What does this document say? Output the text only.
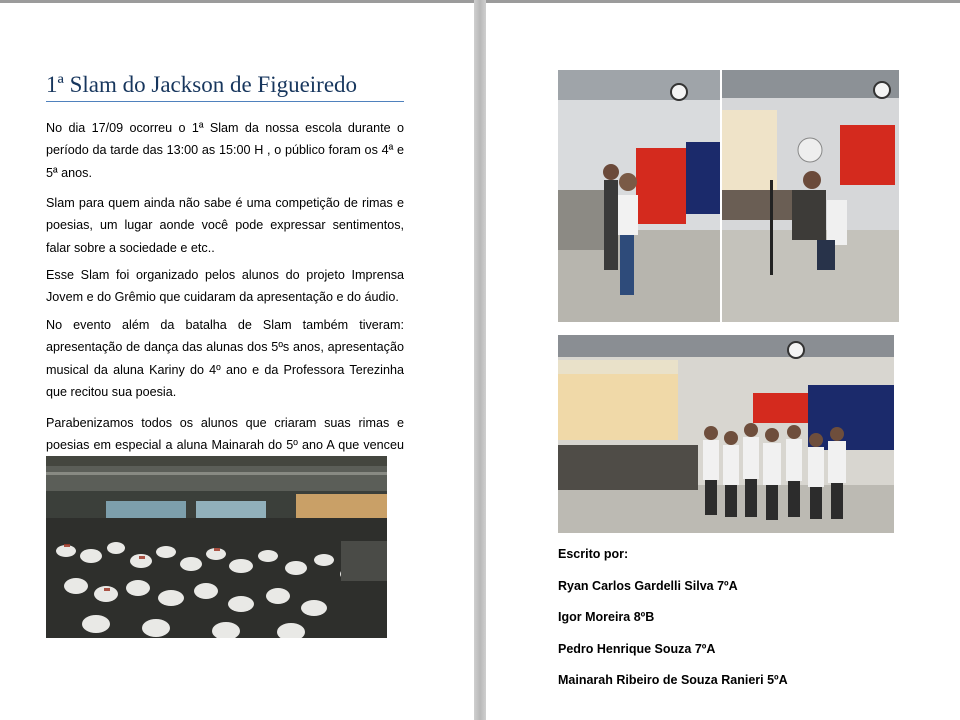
1ª Slam do Jackson de Figueiredo

No dia 17/09 ocorreu o 1ª Slam da nossa escola durante o período da tarde das 13:00 as 15:00 H , o público foram os 4ª e 5ª anos.

Slam para quem ainda não sabe é uma competição de rimas e poesias, um lugar aonde você pode expressar sentimentos, falar sobre a sociedade e etc..

Esse Slam foi organizado pelos alunos do projeto Imprensa Jovem e do Grêmio que cuidaram da apresentação e do áudio.

No evento além da batalha de Slam também tiveram: apresentação de dança das alunas dos 5ºs anos, apresentação musical da aluna Kariny do 4º ano e da Professora Terezinha que recitou sua poesia.

Parabenizamos todos os alunos que criaram suas rimas e poesias em especial a aluna Mainarah do 5º ano A que venceu

Escrito por:
Ryan Carlos Gardelli Silva 7ºA
Igor Moreira 8ºB
Pedro Henrique Souza 7ºA
Mainarah Ribeiro de Souza Ranieri 5ºA
